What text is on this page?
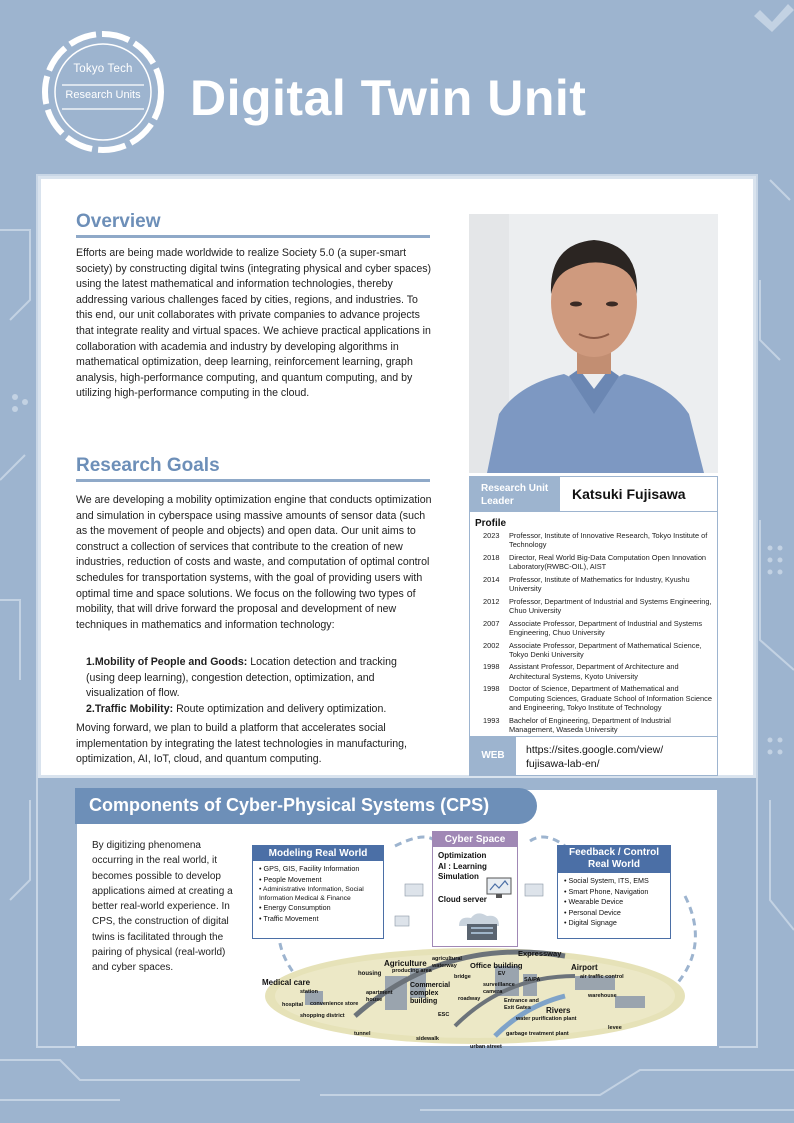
Tokyo Tech
Research Units Digital Twin Unit
Overview
Efforts are being made worldwide to realize Society 5.0 (a super-smart society) by constructing digital twins (integrating physical and cyber spaces) using the latest mathematical and information technologies, thereby addressing various challenges faced by cities, regions, and industries. To this end, our unit collaborates with private companies to advance projects that integrate reality and virtual spaces. We achieve practical applications in collaboration with academia and industry by developing algorithms in mathematical optimization, deep learning, reinforcement learning, graph analysis, high-performance computing, and quantum computing, and by utilizing high-performance computing in the cloud.
Research Goals
We are developing a mobility optimization engine that conducts optimization and simulation in cyberspace using massive amounts of sensor data (such as the movement of people and objects) and open data. Our unit aims to construct a collection of services that contribute to the creation of new industries, reduction of costs and waste, and computation of optimal control schedules for transportation systems, with the goal of providing users with optimal time and space solutions. We focus on the following two types of mobility, that will drive forward the proposal and development of new techniques in mathematics and information technology:
1.Mobility of People and Goods: Location detection and tracking (using deep learning), congestion detection, optimization, and visualization of flow.
2.Traffic Mobility: Route optimization and delivery optimization.
Moving forward, we plan to build a platform that accelerates social implementation by integrating the latest technologies in manufacturing, optimization, AI, IoT, cloud, and quantum computing.
Research Unit Leader	Katsuki Fujisawa
Profile
2023	Professor, Institute of Innovative Research, Tokyo Institute of Technology
2018	Director, Real World Big-Data Computation Open Innovation Laboratory(RWBC-OIL), AIST
2014	Professor, Institute of Mathematics for Industry, Kyushu University
2012	Professor, Department of Industrial and Systems Engineering, Chuo University
2007	Associate Professor, Department of Industrial and Systems Engineering, Chuo University
2002	Associate Professor, Department of Mathematical Science, Tokyo Denki University
1998	Assistant Professor, Department of Architecture and Architectural Systems, Kyoto University
1998	Doctor of Science, Department of Mathematical and Computing Sciences, Graduate School of Information Science and Engineering, Tokyo Institute of Technology
1993	Bachelor of Engineering, Department of Industrial Management, Waseda University
WEB	https://sites.google.com/view/
fujisawa-lab-en/
Components of Cyber-Physical Systems (CPS)
By digitizing phenomena occurring in the real world, it becomes possible to develop applications aimed at creating a better real-world experience. In CPS, the construction of digital twins is facilitated through the pairing of physical (real-world) and cyber spaces.
Modeling Real World
• GPS, GIS, Facility Information
• People Movement
• Administrative Information, Social Information Medical & Finance
• Energy Consumption
• Traffic Movement
Cyber Space
Optimization
AI : Learning
Simulation
Cloud server
Feedback / Control Real World
• Social System, ITS, EMS
• Smart Phone, Navigation
• Wearable Device
• Personal Device
• Digital Signage
Expressway
Airport
air traffic control
Office building
EV
SA/PA
Agriculture agricultural waterway
producing area
bridge
housing
Medical care
station	apartment house
hospital convenience store
shopping district
Commercial complex building
surveillance camera
roadway	Entrance and Exit Gates
water purification plant
Rivers
warehouse
ESC
tunnel
sidewalk
garbage treatment plant
levee
urban street
